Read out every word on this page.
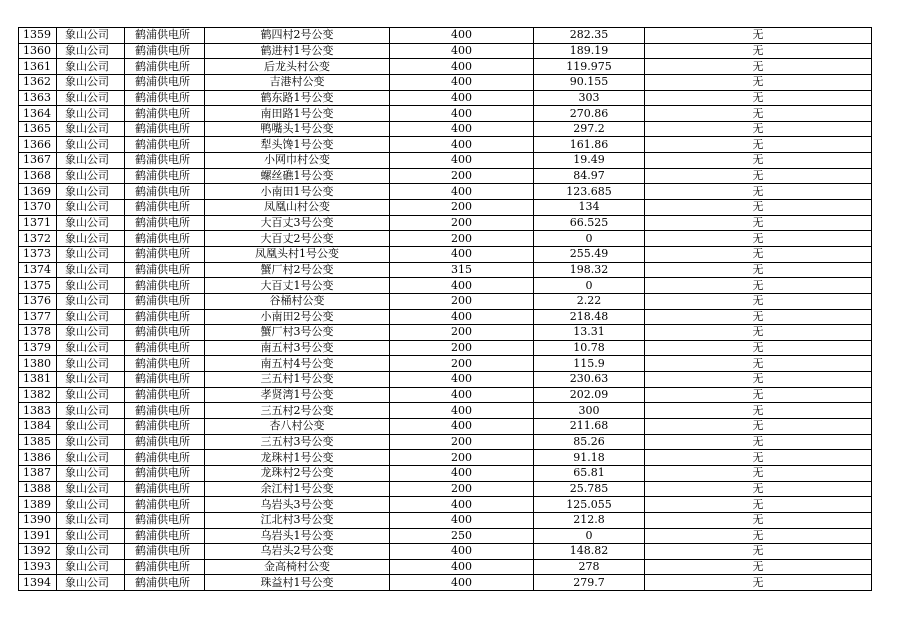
1359	象山公司	鹤浦供电所	鹤四村2号公变	400	282.35	无
1360	象山公司	鹤浦供电所	鹤进村1号公变	400	189.19	无
1361	象山公司	鹤浦供电所	后龙头村公变	400	119.975	无
1362	象山公司	鹤浦供电所	吉港村公变	400	90.155	无
1363	象山公司	鹤浦供电所	鹤东路1号公变	400	303	无
1364	象山公司	鹤浦供电所	南田路1号公变	400	270.86	无
1365	象山公司	鹤浦供电所	鸭嘴头1号公变	400	297.2	无
1366	象山公司	鹤浦供电所	犁头馋1号公变	400	161.86	无
1367	象山公司	鹤浦供电所	小网巾村公变	400	19.49	无
1368	象山公司	鹤浦供电所	螺丝礁1号公变	200	84.97	无
1369	象山公司	鹤浦供电所	小南田1号公变	400	123.685	无
1370	象山公司	鹤浦供电所	凤凰山村公变	200	134	无
1371	象山公司	鹤浦供电所	大百丈3号公变	200	66.525	无
1372	象山公司	鹤浦供电所	大百丈2号公变	200	0	无
1373	象山公司	鹤浦供电所	凤凰头村1号公变	400	255.49	无
1374	象山公司	鹤浦供电所	蟹厂村2号公变	315	198.32	无
1375	象山公司	鹤浦供电所	大百丈1号公变	400	0	无
1376	象山公司	鹤浦供电所	谷桶村公变	200	2.22	无
1377	象山公司	鹤浦供电所	小南田2号公变	400	218.48	无
1378	象山公司	鹤浦供电所	蟹厂村3号公变	200	13.31	无
1379	象山公司	鹤浦供电所	南五村3号公变	200	10.78	无
1380	象山公司	鹤浦供电所	南五村4号公变	200	115.9	无
1381	象山公司	鹤浦供电所	三五村1号公变	400	230.63	无
1382	象山公司	鹤浦供电所	孝贤湾1号公变	400	202.09	无
1383	象山公司	鹤浦供电所	三五村2号公变	400	300	无
1384	象山公司	鹤浦供电所	杏八村公变	400	211.68	无
1385	象山公司	鹤浦供电所	三五村3号公变	200	85.26	无
1386	象山公司	鹤浦供电所	龙珠村1号公变	200	91.18	无
1387	象山公司	鹤浦供电所	龙珠村2号公变	400	65.81	无
1388	象山公司	鹤浦供电所	余江村1号公变	200	25.785	无
1389	象山公司	鹤浦供电所	乌岩头3号公变	400	125.055	无
1390	象山公司	鹤浦供电所	江北村3号公变	400	212.8	无
1391	象山公司	鹤浦供电所	乌岩头1号公变	250	0	无
1392	象山公司	鹤浦供电所	乌岩头2号公变	400	148.82	无
1393	象山公司	鹤浦供电所	金高椅村公变	400	278	无
1394	象山公司	鹤浦供电所	珠益村1号公变	400	279.7	无
